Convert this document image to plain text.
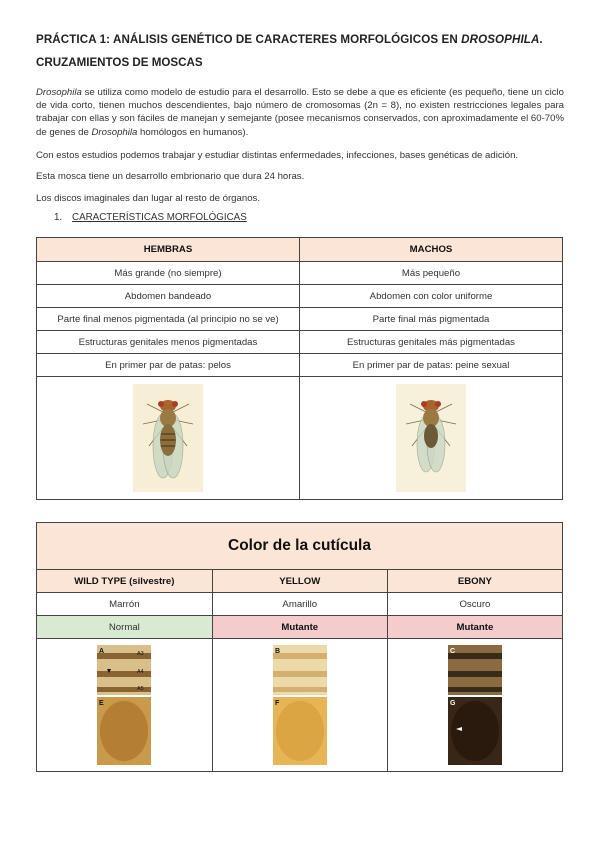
PRÁCTICA 1: ANÁLISIS GENÉTICO DE CARACTERES MORFOLÓGICOS EN DROSOPHILA.
CRUZAMIENTOS DE MOSCAS
Drosophila se utiliza como modelo de estudio para el desarrollo. Esto se debe a que es eficiente (es pequeño, tiene un ciclo de vida corto, tienen muchos descendientes, bajo número de cromosomas (2n = 8), no existen restricciones legales para trabajar con ellas y son fáciles de manejan y semejante (posee mecanismos conservados, con aproximadamente el 60-70% de genes de Drosophila homólogos en humanos).
Con estos estudios podemos trabajar y estudiar distintas enfermedades, infecciones, bases genéticas de adición.
Esta mosca tiene un desarrollo embrionario que dura 24 horas.
Los discos imaginales dan lugar al resto de órganos.
1. CARACTERÍSTICAS MORFOLÓGICAS
HEMBRAS	MACHOS
Más grande (no siempre)	Más pequeño
Abdomen bandeado	Abdomen con color uniforme
Parte final menos pigmentada (al principio no se ve)	Parte final más pigmentada
Estructuras genitales menos pigmentadas	Estructuras genitales más pigmentadas
En primer par de patas: pelos	En primer par de patas: peine sexual

Color de la cutícula		
WILD TYPE (silvestre)	YELLOW	EBONY
Marrón	Amarillo	Oscuro
Normal	Mutante	Mutante

A A3
A4
A5
E	B
F	C
G
